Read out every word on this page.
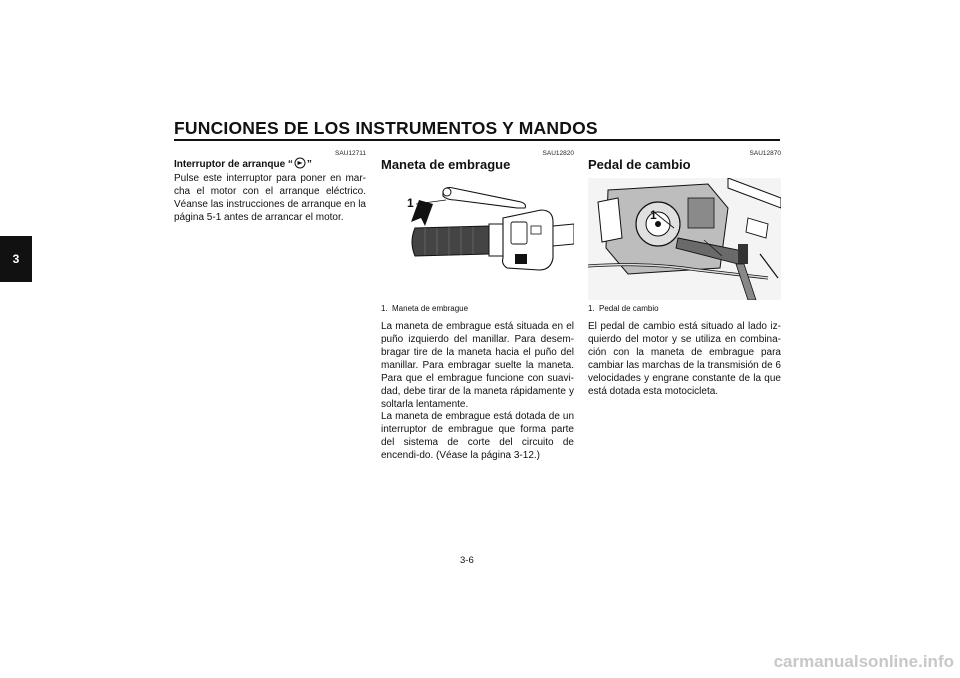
FUNCIONES DE LOS INSTRUMENTOS Y MANDOS
3
SAU12711
Interruptor de arranque “ ”
Pulse este interruptor para poner en mar-cha el motor con el arranque eléctrico. Véanse las instrucciones de arranque en la página 5-1 antes de arrancar el motor.
SAU12820
Maneta de embrague
1
1. Maneta de embrague
La maneta de embrague está situada en el puño izquierdo del manillar. Para desem-bragar tire de la maneta hacia el puño del manillar. Para embragar suelte la maneta. Para que el embrague funcione con suavi-dad, debe tirar de la maneta rápidamente y soltarla lentamente.
La maneta de embrague está dotada de un interruptor de embrague que forma parte del sistema de corte del circuito de encendi-do. (Véase la página 3-12.)
SAU12870
Pedal de cambio
1
1. Pedal de cambio
El pedal de cambio está situado al lado iz-quierdo del motor y se utiliza en combina-ción con la maneta de embrague para cambiar las marchas de la transmisión de 6 velocidades y engrane constante de la que está dotada esta motocicleta.
3-6
carmanualsonline.info
